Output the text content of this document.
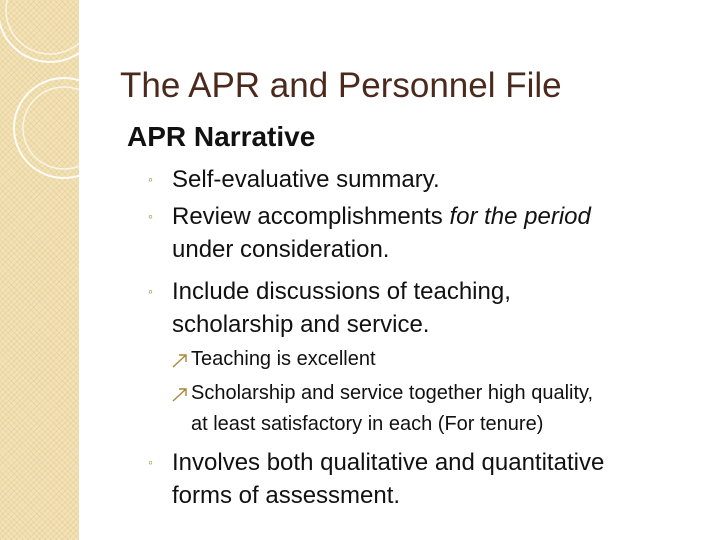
The APR and Personnel File
APR Narrative
◦ Self-evaluative summary.
◦ Review accomplishments for the period
under consideration.
◦ Include discussions of teaching,
scholarship and service.
Teaching is excellent
Scholarship and service together high quality,
at least satisfactory in each (For tenure)
◦ Involves both qualitative and quantitative
forms of assessment.
